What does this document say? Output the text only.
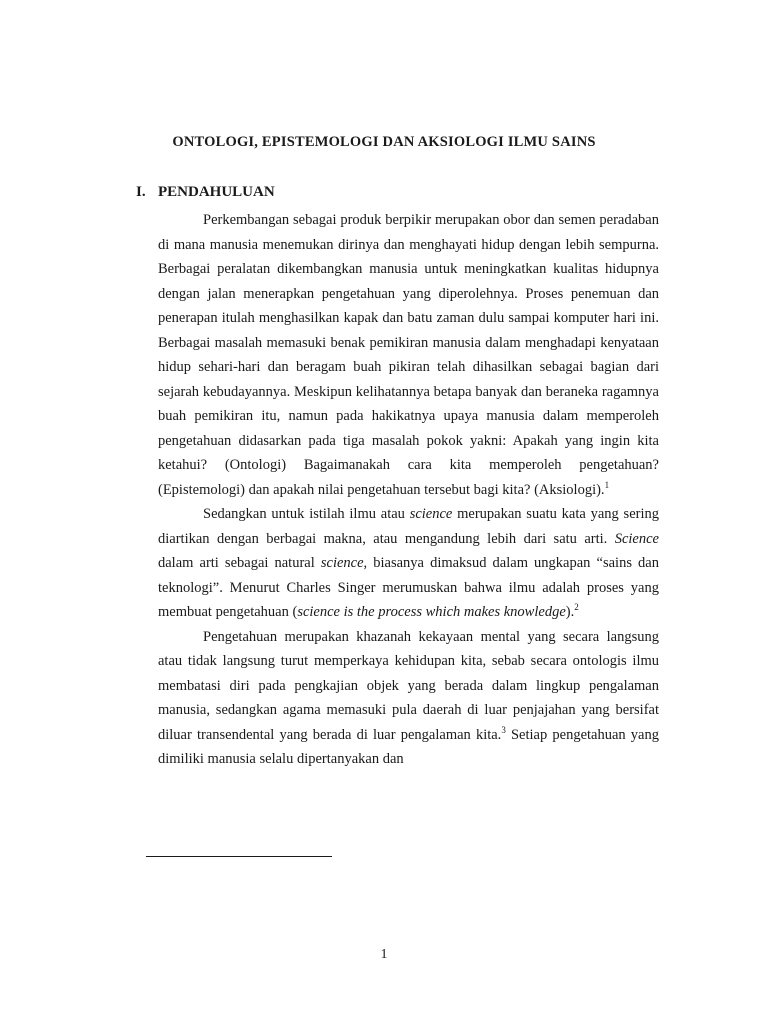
ONTOLOGI, EPISTEMOLOGI DAN AKSIOLOGI ILMU SAINS
I. PENDAHULUAN

Perkembangan sebagai produk berpikir merupakan obor dan semen peradaban di mana manusia menemukan dirinya dan menghayati hidup dengan lebih sempurna. Berbagai peralatan dikembangkan manusia untuk meningkatkan kualitas hidupnya dengan jalan menerapkan pengetahuan yang diperolehnya. Proses penemuan dan penerapan itulah menghasilkan kapak dan batu zaman dulu sampai komputer hari ini. Berbagai masalah memasuki benak pemikiran manusia dalam menghadapi kenyataan hidup sehari-hari dan beragam buah pikiran telah dihasilkan sebagai bagian dari sejarah kebudayannya. Meskipun kelihatannya betapa banyak dan beraneka ragamnya buah pemikiran itu, namun pada hakikatnya upaya manusia dalam memperoleh pengetahuan didasarkan pada tiga masalah pokok yakni: Apakah yang ingin kita ketahui? (Ontologi) Bagaimanakah cara kita memperoleh pengetahuan? (Epistemologi) dan apakah nilai pengetahuan tersebut bagi kita? (Aksiologi).$^1$

Sedangkan untuk istilah ilmu atau science merupakan suatu kata yang sering diartikan dengan berbagai makna, atau mengandung lebih dari satu arti. Science dalam arti sebagai natural science, biasanya dimaksud dalam ungkapan “sains dan teknologi”. Menurut Charles Singer merumuskan bahwa ilmu adalah proses yang membuat pengetahuan (science is the process which makes knowledge).$^2$

Pengetahuan merupakan khazanah kekayaan mental yang secara langsung atau tidak langsung turut memperkaya kehidupan kita, sebab secara ontologis ilmu membatasi diri pada pengkajian objek yang berada dalam lingkup pengalaman manusia, sedangkan agama memasuki pula daerah di luar penjajahan yang bersifat diluar transendental yang berada di luar pengalaman kita.$^3$ Setiap pengetahuan yang dimiliki manusia selalu dipertanyakan dan

1
